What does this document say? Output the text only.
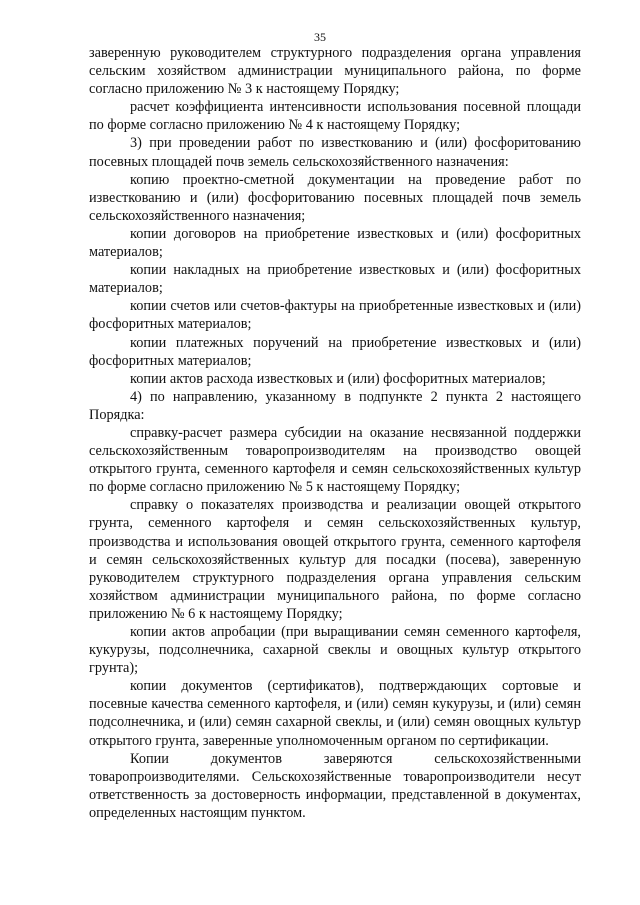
35

заверенную руководителем структурного подразделения органа управления сельским хозяйством администрации муниципального района, по форме согласно приложению № 3 к настоящему Порядку;

расчет коэффициента интенсивности использования посевной площади по форме согласно приложению № 4 к настоящему Порядку;

3) при проведении работ по известкованию и (или) фосфоритованию посевных площадей почв земель сельскохозяйственного назначения:

копию проектно-сметной документации на проведение работ по известкованию и (или) фосфоритованию посевных площадей почв земель сельскохозяйственного назначения;

копии договоров на приобретение известковых и (или) фосфоритных материалов;

копии накладных на приобретение известковых и (или) фосфоритных материалов;

копии счетов или счетов-фактуры на приобретенные известковых и (или) фосфоритных материалов;

копии платежных поручений на приобретение известковых и (или) фосфоритных материалов;

копии актов расхода известковых и (или) фосфоритных материалов;

4) по направлению, указанному в подпункте 2 пункта 2 настоящего Порядка:

справку-расчет размера субсидии на оказание несвязанной поддержки сельскохозяйственным товаропроизводителям на производство овощей открытого грунта, семенного картофеля и семян сельскохозяйственных культур по форме согласно приложению № 5 к настоящему Порядку;

справку о показателях производства и реализации овощей открытого грунта, семенного картофеля и семян сельскохозяйственных культур, производства и использования овощей открытого грунта, семенного картофеля и семян сельскохозяйственных культур для посадки (посева), заверенную руководителем структурного подразделения органа управления сельским хозяйством администрации муниципального района, по форме согласно приложению № 6 к настоящему Порядку;

копии актов апробации (при выращивании семян семенного картофеля, кукурузы, подсолнечника, сахарной свеклы и овощных культур открытого грунта);

копии документов (сертификатов), подтверждающих сортовые и посевные качества семенного картофеля, и (или) семян кукурузы, и (или) семян подсолнечника, и (или) семян сахарной свеклы, и (или) семян овощных культур открытого грунта, заверенные уполномоченным органом по сертификации.

Копии документов заверяются сельскохозяйственными товаропроизводителями. Сельскохозяйственные товаропроизводители несут ответственность за достоверность информации, представленной в документах, определенных настоящим пунктом.
